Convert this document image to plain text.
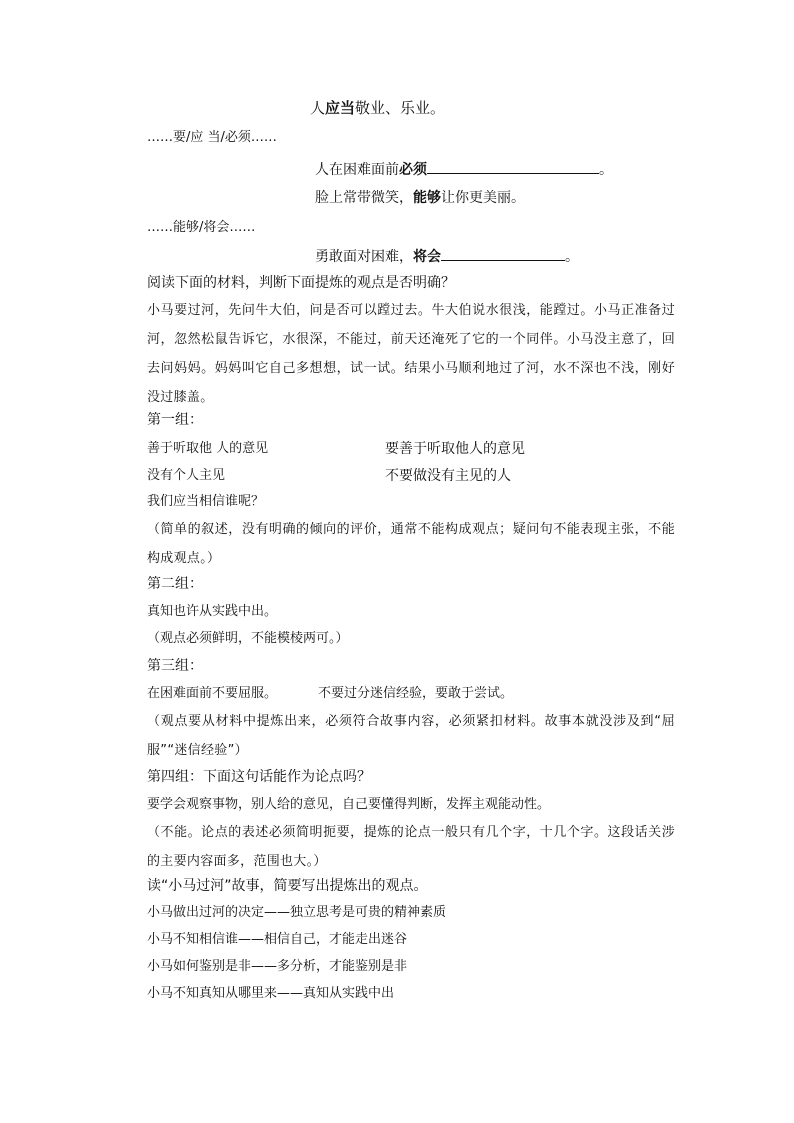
人应当敬业、乐业。
……要/应 当/必须……
人在困难面前必须	。
脸上常带微笑，能够让你更美丽。
……能够/将会……
勇敢面对困难，将会	。
阅读下面的材料，判断下面提炼的观点是否明确？
小马要过河，先问牛大伯，问是否可以蹚过去。牛大伯说水很浅，能蹚过。小马正准备过河，忽然松鼠告诉它，水很深，不能过，前天还淹死了它的一个同伴。小马没主意了，回去问妈妈。妈妈叫它自己多想想，试一试。结果小马顺利地过了河，水不深也不浅，刚好没过膝盖。
第一组：
善于听取他 人的意见	要善于听取他人的意见
没有个人主见	不要做没有主见的人
我们应当相信谁呢？
（简单的叙述，没有明确的倾向的评价，通常不能构成观点；疑问句不能表现主张，不能构成观点。）
第二组：
真知也许从实践中出。
（观点必须鲜明，不能模棱两可。）
第三组：
在困难面前不要屈服。	不要过分迷信经验，要敢于尝试。
（观点要从材料中提炼出来，必须符合故事内容，必须紧扣材料。故事本就没涉及到“屈服”“迷信经验”）
第四组：下面这句话能作为论点吗？
要学会观察事物，别人给的意见，自己要懂得判断，发挥主观能动性。
（不能。论点的表述必须简明扼要，提炼的论点一般只有几个字，十几个字。这段话关涉的主要内容面多，范围也大。）
读“小马过河”故事，简要写出提炼出的观点。
小马做出过河的决定——独立思考是可贵的精神素质
小马不知相信谁——相信自己，才能走出迷谷
小马如何鉴别是非——多分析，才能鉴别是非
小马不知真知从哪里来——真知从实践中出
